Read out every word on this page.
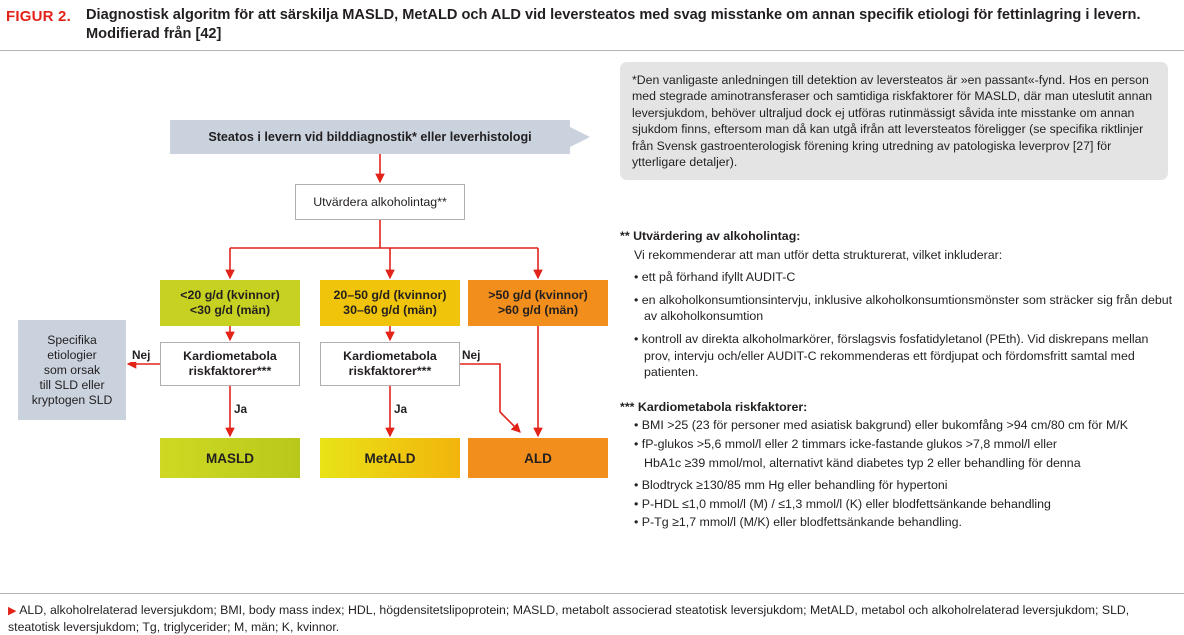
FIGUR 2. Diagnostisk algoritm för att särskilja MASLD, MetALD och ALD vid leversteatos med svag misstanke om annan specifik etiologi för fettinlagring i levern. Modifierad från [42]
Steatos i levern vid bilddiagnostik* eller leverhistologi
Utvärdera alkoholintag**
<20 g/d (kvinnor)
<30 g/d (män)
20–50 g/d (kvinnor)
30–60 g/d (män)
>50 g/d (kvinnor)
>60 g/d (män)
Kardiometabola
riskfaktorer***
Kardiometabola
riskfaktorer***
MASLD	MetALD	ALD
Specifika
etiologier
som orsak
till SLD eller
kryptogen SLD
Ja	Ja
Nej	Nej
*Den vanligaste anledningen till detektion av leversteatos är »en passant«-fynd. Hos en person med stegrade aminotransferaser och samtidiga riskfaktorer för MASLD, där man uteslutit annan leversjukdom, behöver ultraljud dock ej utföras rutinmässigt såvida inte misstanke om annan sjukdom finns, eftersom man då kan utgå ifrån att leversteatos föreligger (se specifika riktlinjer från Svensk gastroenterologisk förening kring utredning av patologiska leverprov [27] för ytterligare detaljer).

** Utvärdering av alkoholintag:

Vi rekommenderar att man utför detta strukturerat, vilket inkluderar:

• ett på förhand ifyllt AUDIT-C

• en alkoholkonsumtionsintervju, inklusive alkoholkonsumtionsmönster som sträcker sig från debut av alkoholkonsumtion

• kontroll av direkta alkoholmarkörer, förslagsvis fosfatidyletanol (PEth). Vid diskrepans mellan prov, intervju och/eller AUDIT-C rekommenderas ett fördjupat och fördomsfritt samtal med patienten.

*** Kardiometabola riskfaktorer:

• BMI >25 (23 för personer med asiatisk bakgrund) eller bukomfång >94 cm/80 cm för M/K

• fP-glukos >5,6 mmol/l eller 2 timmars icke-fastande glukos >7,8 mmol/l eller

HbA1c ≥39 mmol/mol, alternativt känd diabetes typ 2 eller behandling för denna

• Blodtryck ≥130/85 mm Hg eller behandling för hypertoni

• P-HDL ≤1,0 mmol/l (M) / ≤1,3 mmol/l (K) eller blodfettsänkande behandling

• P-Tg ≥1,7 mmol/l (M/K) eller blodfettsänkande behandling.

▶ ALD, alkoholrelaterad leversjukdom; BMI, body mass index; HDL, högdensitetslipoprotein; MASLD, metabolt associerad steatotisk leversjukdom; MetALD, metabol och alkoholrelaterad leversjukdom; SLD, steatotisk leversjukdom; Tg, triglycerider; M, män; K, kvinnor.
